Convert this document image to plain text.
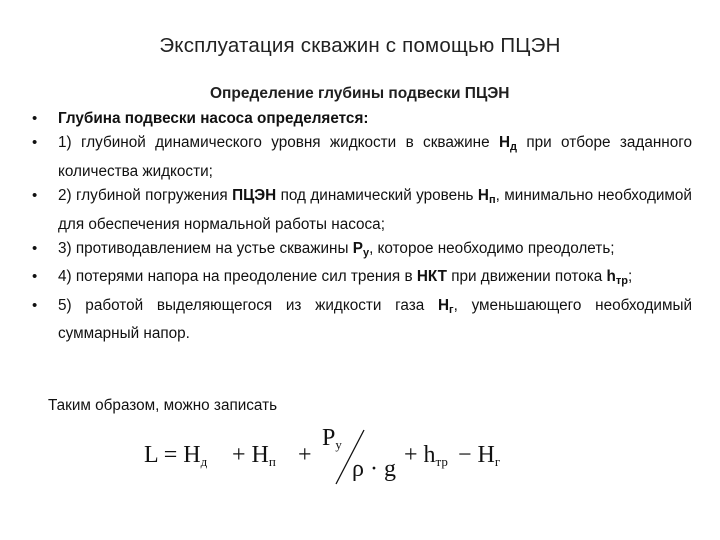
Эксплуатация скважин с помощью ПЦЭН
Определение глубины подвески ПЦЭН
• Глубина подвески насоса определяется:
• 1) глубиной динамического уровня жидкости в скважине $Н_д$ при отборе заданного количества жидкости;
• 2) глубиной погружения ПЦЭН под динамический уровень $Н_п$, минимально необходимой для обеспечения нормальной работы насоса;
• 3) противодавлением на устье скважины $Р_у$, которое необходимо преодолеть;
• 4) потерями напора на преодоление сил трения в НКТ при движении потока $h_{тр}$;
• 5) работой выделяющегося из жидкости газа $Н_г$, уменьшающего необходимый суммарный напор.
Таким образом, можно записать
$L = H_д + H_п$ +
$P_у$
ρ · g
+ $h_{тр} - H_г$
